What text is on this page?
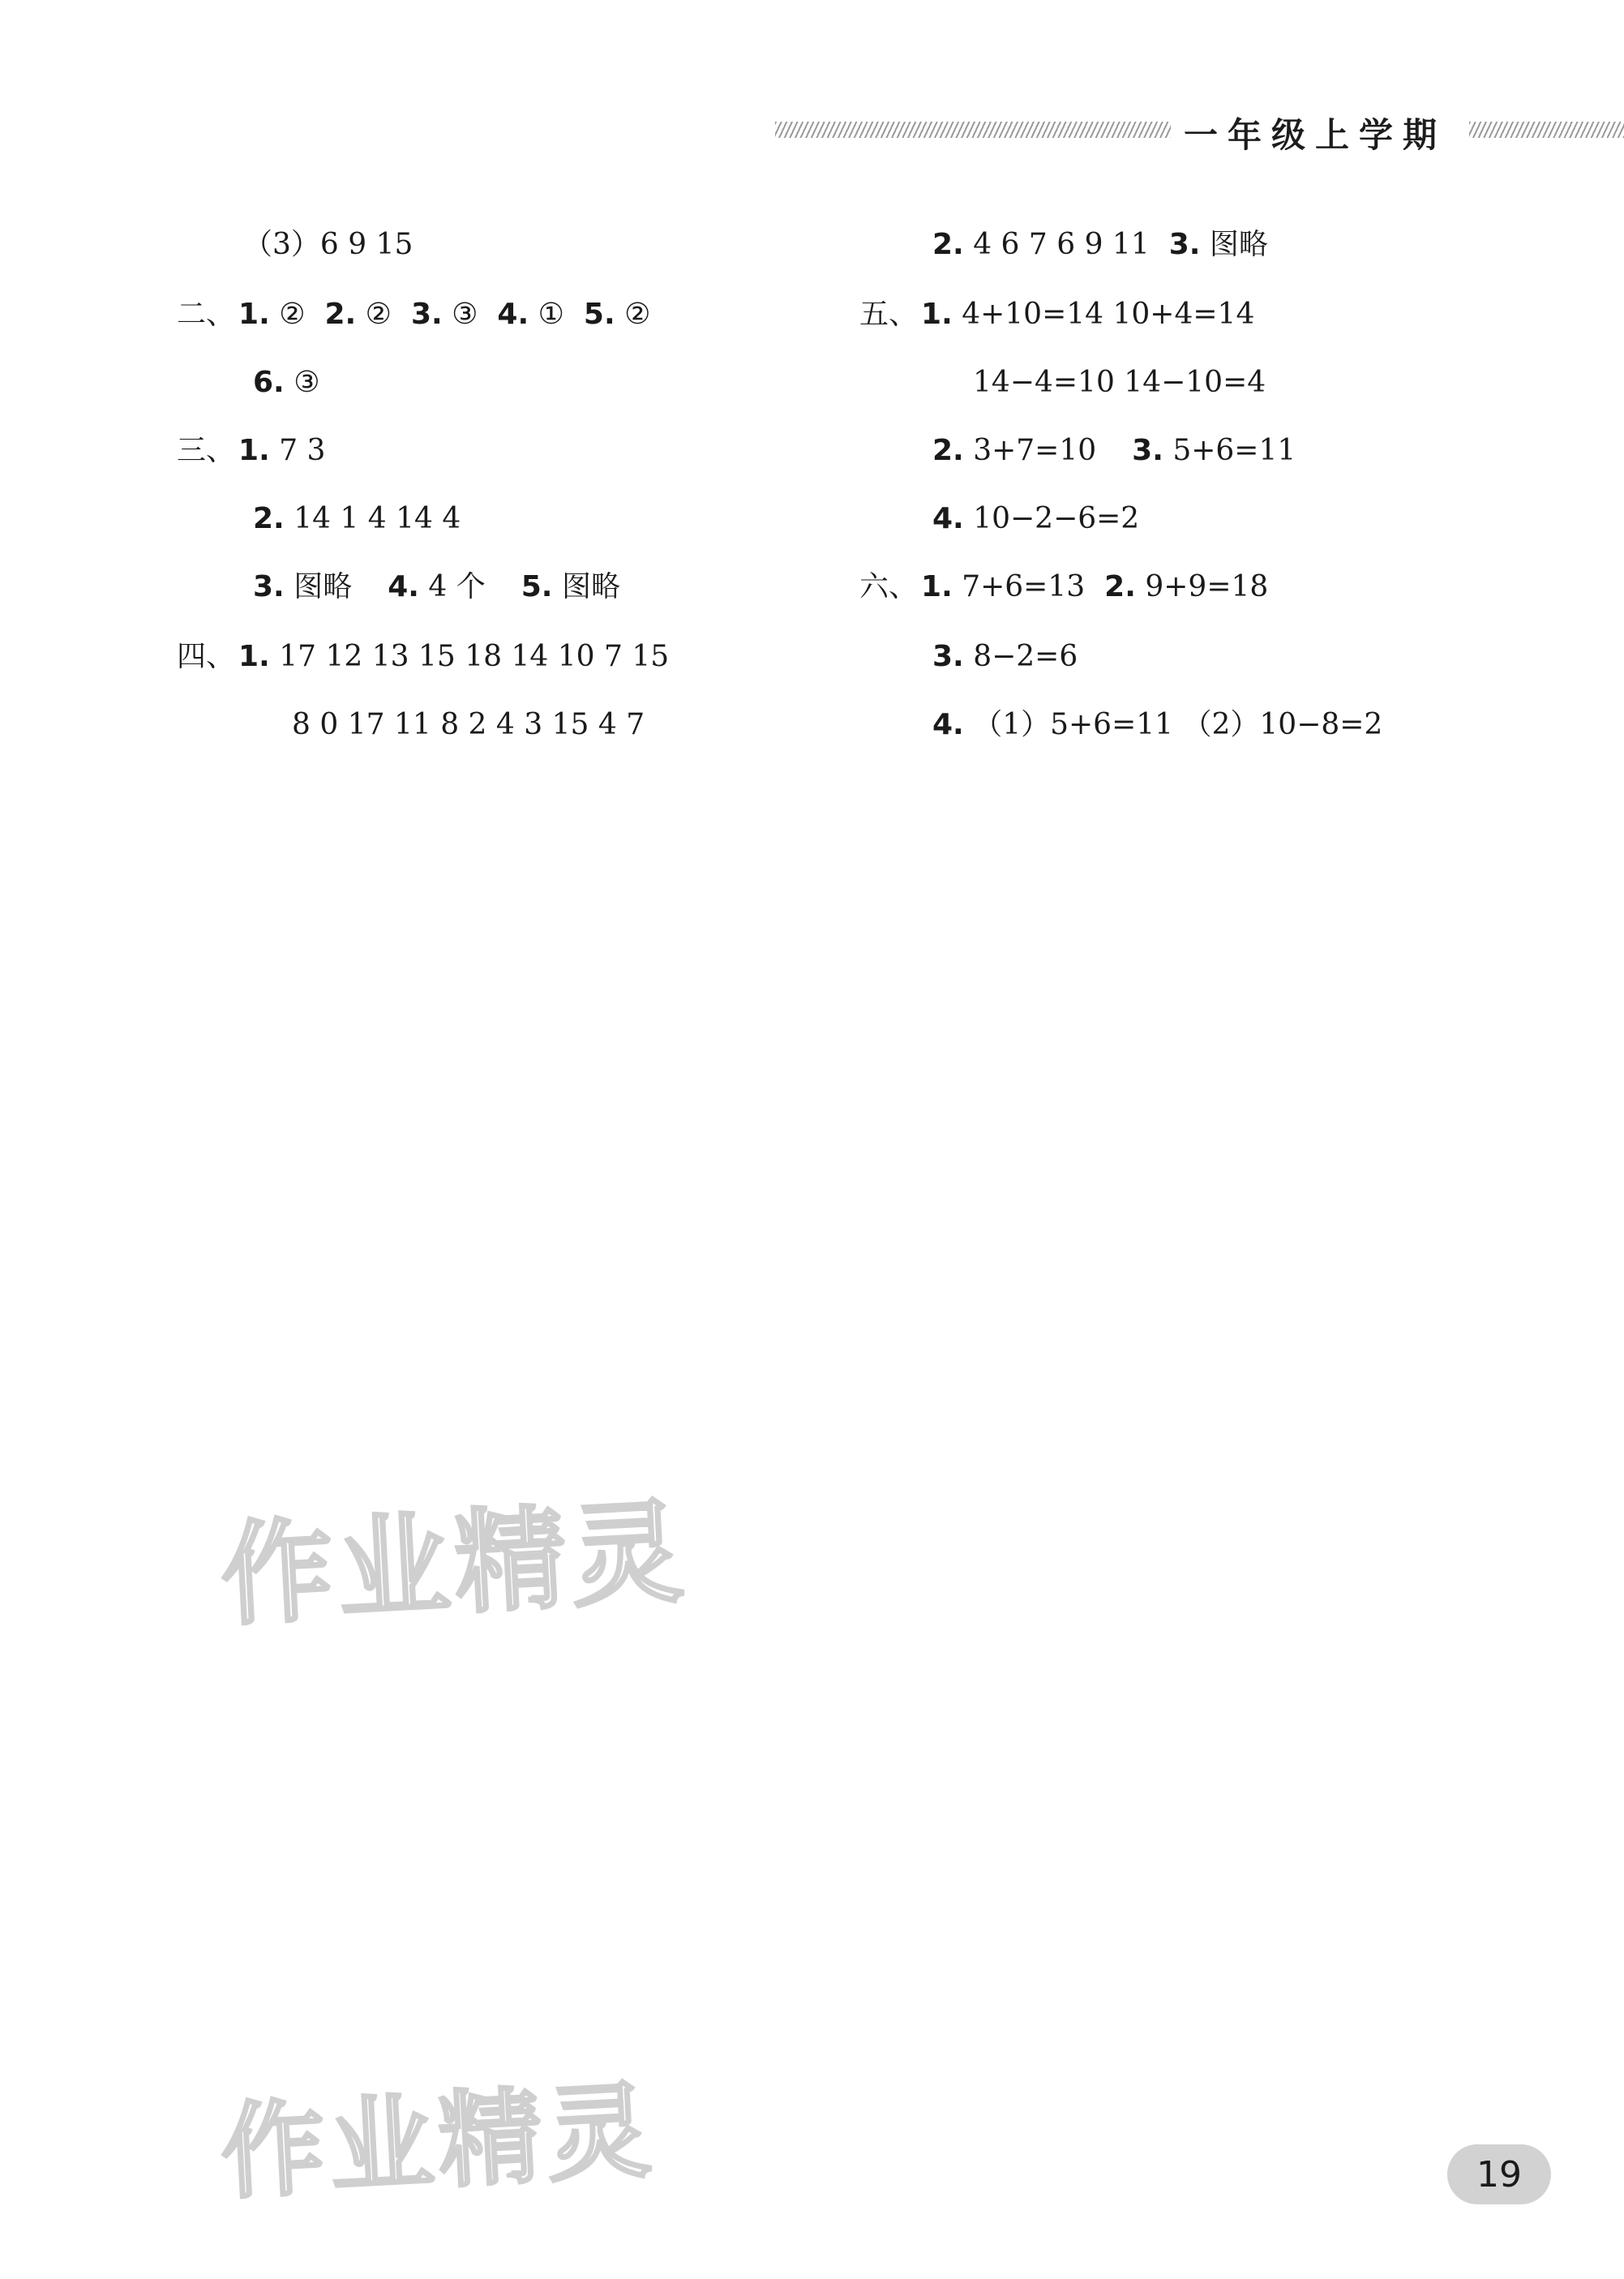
一年级上学期
（3）6 9 15
二、 1. ② 2. ② 3. ③ 4. ① 5. ②
6. ③
三、 1. 7 3
2. 14 1 4 14 4
3. 图略 4. 4 个 5. 图略
四、 1. 17 12 13 15 18 14 10 7 15
8 0 17 11 8 2 4 3 15 4 7
2. 4 6 7 6 9 11 3. 图略
五、 1. 4+10=14 10+4=14
14−4=10 14−10=4
2. 3+7=10 3. 5+6=11
4. 10−2−6=2
六、 1. 7+6=13 2. 9+9=18
3. 8−2=6
4. （1）5+6=11 （2）10−8=2
作业精灵
作业精灵	19
